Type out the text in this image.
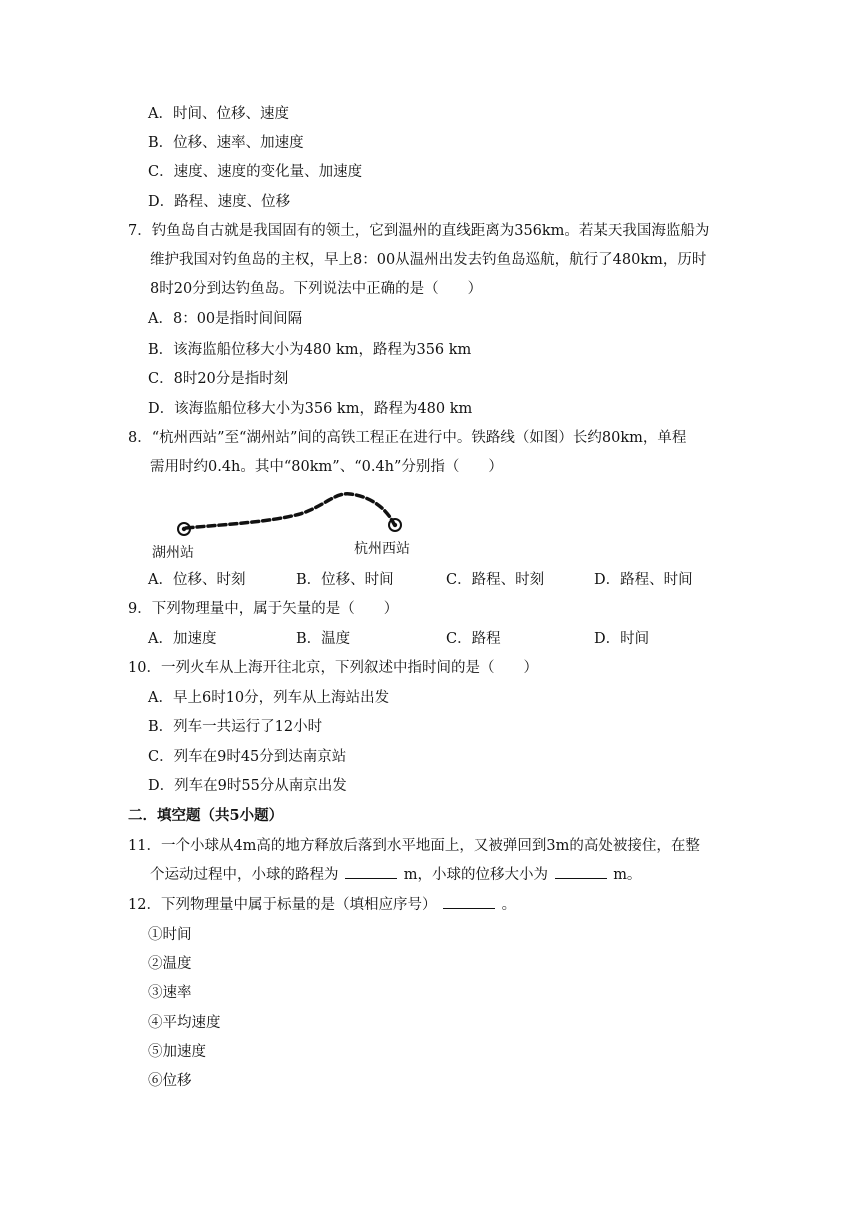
A．时间、位移、速度
B．位移、速率、加速度
C．速度、速度的变化量、加速度
D．路程、速度、位移
7．钓鱼岛自古就是我国固有的领土，它到温州的直线距离为356km。若某天我国海监船为
维护我国对钓鱼岛的主权，早上8：00从温州出发去钓鱼岛巡航，航行了480km，历时
8时20分到达钓鱼岛。下列说法中正确的是（　　）
A．8：00是指时间间隔
B．该海监船位移大小为480 km，路程为356 km
C．8时20分是指时刻
D．该海监船位移大小为356 km，路程为480 km
8．“杭州西站”至“湖州站”间的高铁工程正在进行中。铁路线（如图）长约80km，单程
需用时约0.4h。其中“80km”、“0.4h”分别指（　　）
湖州站	杭州西站
A．位移、时刻	B．位移、时间	C．路程、时刻	D．路程、时间
9．下列物理量中，属于矢量的是（　　）
A．加速度	B．温度	C．路程	D．时间
10．一列火车从上海开往北京，下列叙述中指时间的是（　　）
A．早上6时10分，列车从上海站出发
B．列车一共运行了12小时
C．列车在9时45分到达南京站
D．列车在9时55分从南京出发
二．填空题（共5小题）
11．一个小球从4m高的地方释放后落到水平地面上，又被弹回到3m的高处被接住，在整
个运动过程中，小球的路程为	m，小球的位移大小为	m。
12．下列物理量中属于标量的是（填相应序号）	。
①时间
②温度
③速率
④平均速度
⑤加速度
⑥位移
